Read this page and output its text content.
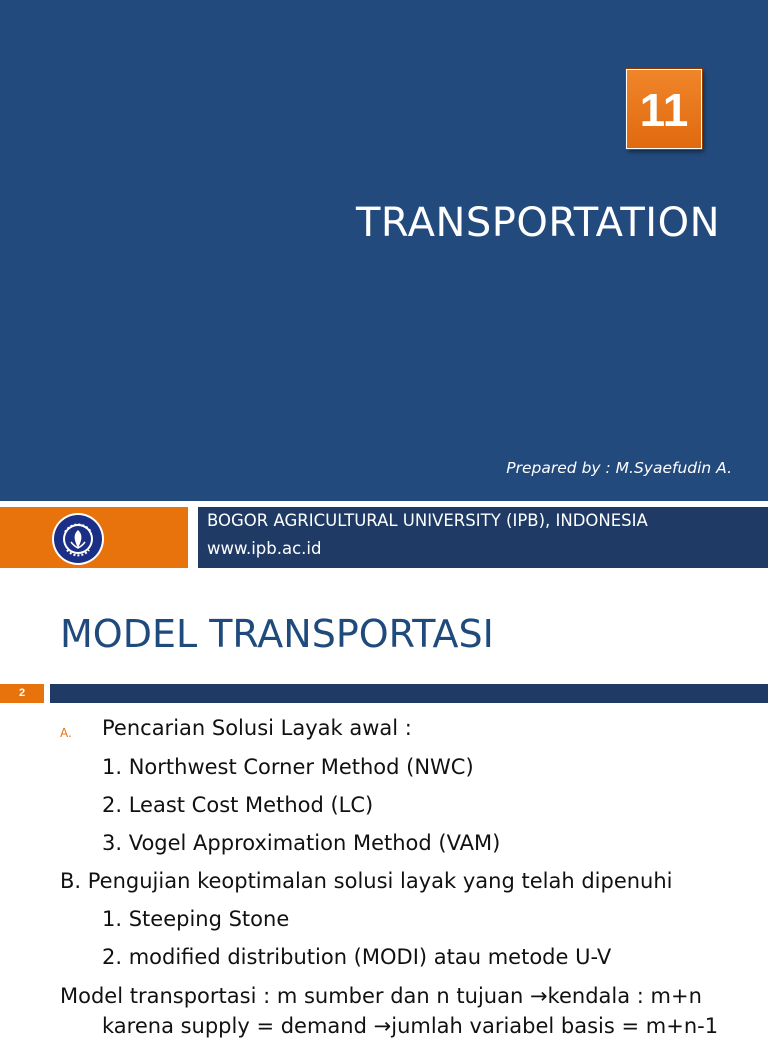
11
TRANSPORTATION
Prepared by : M.Syaefudin A.
BOGOR AGRICULTURAL UNIVERSITY (IPB), INDONESIA
www.ipb.ac.id
MODEL TRANSPORTASI
2
A. Pencarian Solusi Layak awal :
1. Northwest Corner Method (NWC)
2. Least Cost Method (LC)
3. Vogel Approximation Method (VAM)
B. Pengujian keoptimalan solusi layak yang telah dipenuhi
1. Steeping Stone
2. modified distribution (MODI) atau metode U-V
Model transportasi : m sumber dan n tujuan →kendala : m+n
karena supply = demand →jumlah variabel basis = m+n-1
